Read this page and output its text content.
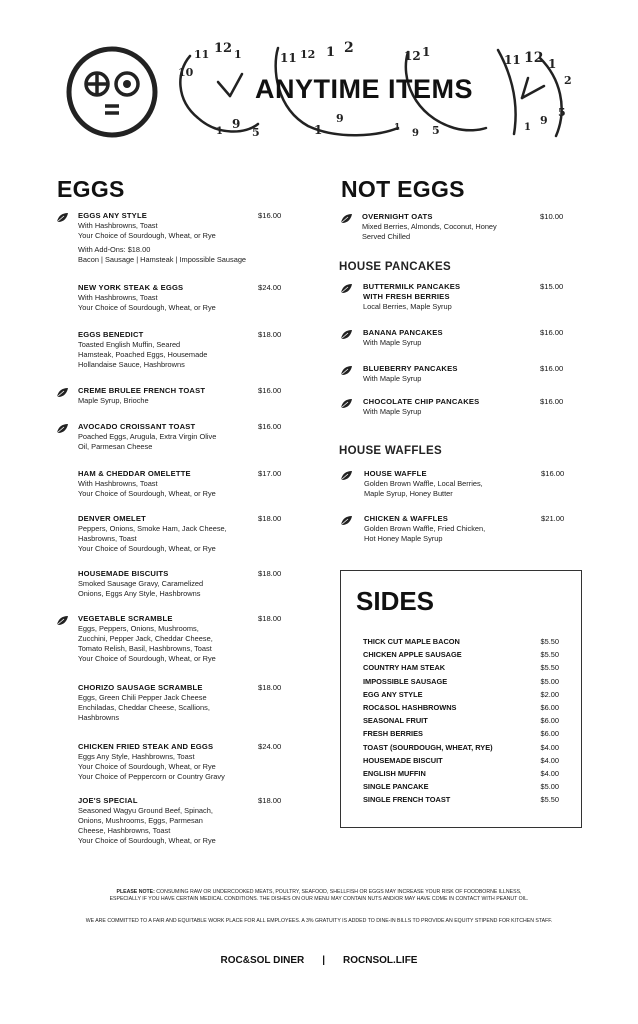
10
11 12 1
1
9
5
11 12 1 2
1
9
12 1
1 9 5
11 12 1
2
1
9
5
ANYTIME ITEMS
EGGS	NOT EGGS
HOUSE PANCAKES
HOUSE WAFFLES
EGGS ANY STYLE
With Hashbrowns, Toast
Your Choice of Sourdough, Wheat, or Rye
With Add-Ons: $18.00
Bacon | Sausage | Hamsteak | Impossible Sausage
$16.00
NEW YORK STEAK & EGGS
With Hashbrowns, Toast
Your Choice of Sourdough, Wheat, or Rye
$24.00
EGGS BENEDICT
Toasted English Muffin, Seared
Hamsteak, Poached Eggs, Housemade
Hollandaise Sauce, Hashbrowns
$18.00
CREME BRULEE FRENCH TOAST
Maple Syrup, Brioche
$16.00
AVOCADO CROISSANT TOAST
Poached Eggs, Arugula, Extra Virgin Olive
Oil, Parmesan Cheese
$16.00
HAM & CHEDDAR OMELETTE
With Hashbrowns, Toast
Your Choice of Sourdough, Wheat, or Rye
$17.00
DENVER OMELET
Peppers, Onions, Smoke Ham, Jack Cheese,
Hasbrowns, Toast
Your Choice of Sourdough, Wheat, or Rye
$18.00
HOUSEMADE BISCUITS
Smoked Sausage Gravy, Caramelized
Onions, Eggs Any Style, Hashbrowns
$18.00
VEGETABLE SCRAMBLE
Eggs, Peppers, Onions, Mushrooms,
Zucchini, Pepper Jack, Cheddar Cheese,
Tomato Relish, Basil, Hashbrowns, Toast
Your Choice of Sourdough, Wheat, or Rye
$18.00
CHORIZO SAUSAGE SCRAMBLE
Eggs, Green Chili Pepper Jack Cheese
Enchiladas, Cheddar Cheese, Scallions,
Hashbrowns
$18.00
CHICKEN FRIED STEAK AND EGGS
Eggs Any Style, Hashbrowns, Toast
Your Choice of Sourdough, Wheat, or Rye
Your Choice of Peppercorn or Country Gravy
$24.00
JOE'S SPECIAL
Seasoned Wagyu Ground Beef, Spinach,
Onions, Mushrooms, Eggs, Parmesan
Cheese, Hashbrowns, Toast
Your Choice of Sourdough, Wheat, or Rye
$18.00
OVERNIGHT OATS
Mixed Berries, Almonds, Coconut, Honey
Served Chilled
$10.00
BUTTERMILK PANCAKES
WITH FRESH BERRIES
Local Berries, Maple Syrup
$15.00
BANANA PANCAKES
With Maple Syrup
$16.00
BLUEBERRY PANCAKES
With Maple Syrup
$16.00
CHOCOLATE CHIP PANCAKES
With Maple Syrup
$16.00
HOUSE WAFFLE
Golden Brown Waffle, Local Berries,
Maple Syrup, Honey Butter
$16.00
CHICKEN & WAFFLES
Golden Brown Waffle, Fried Chicken,
Hot Honey Maple Syrup
$21.00
SIDES
THICK CUT MAPLE BACON	$5.50
CHICKEN APPLE SAUSAGE	$5.50
COUNTRY HAM STEAK	$5.50
IMPOSSIBLE SAUSAGE	$5.00
EGG ANY STYLE	$2.00
ROC&SOL HASHBROWNS	$6.00
SEASONAL FRUIT	$6.00
FRESH BERRIES	$6.00
TOAST (SOURDOUGH, WHEAT, RYE)	$4.00
HOUSEMADE BISCUIT	$4.00
ENGLISH MUFFIN	$4.00
SINGLE PANCAKE	$5.00
SINGLE FRENCH TOAST	$5.50
PLEASE NOTE: CONSUMING RAW OR UNDERCOOKED MEATS, POULTRY, SEAFOOD, SHELLFISH OR EGGS MAY INCREASE YOUR RISK OF FOODBORNE ILLNESS,
ESPECIALLY IF YOU HAVE CERTAIN MEDICAL CONDITIONS. THE DISHES ON OUR MENU MAY CONTAIN NUTS AND/OR MAY HAVE COME IN CONTACT WITH PEANUT OIL.
WE ARE COMMITTED TO A FAIR AND EQUITABLE WORK PLACE FOR ALL EMPLOYEES. A 3% GRATUITY IS ADDED TO DINE-IN BILLS TO PROVIDE AN EQUITY STIPEND FOR KITCHEN STAFF.
ROC&SOL DINER | ROCNSOL.LIFE
